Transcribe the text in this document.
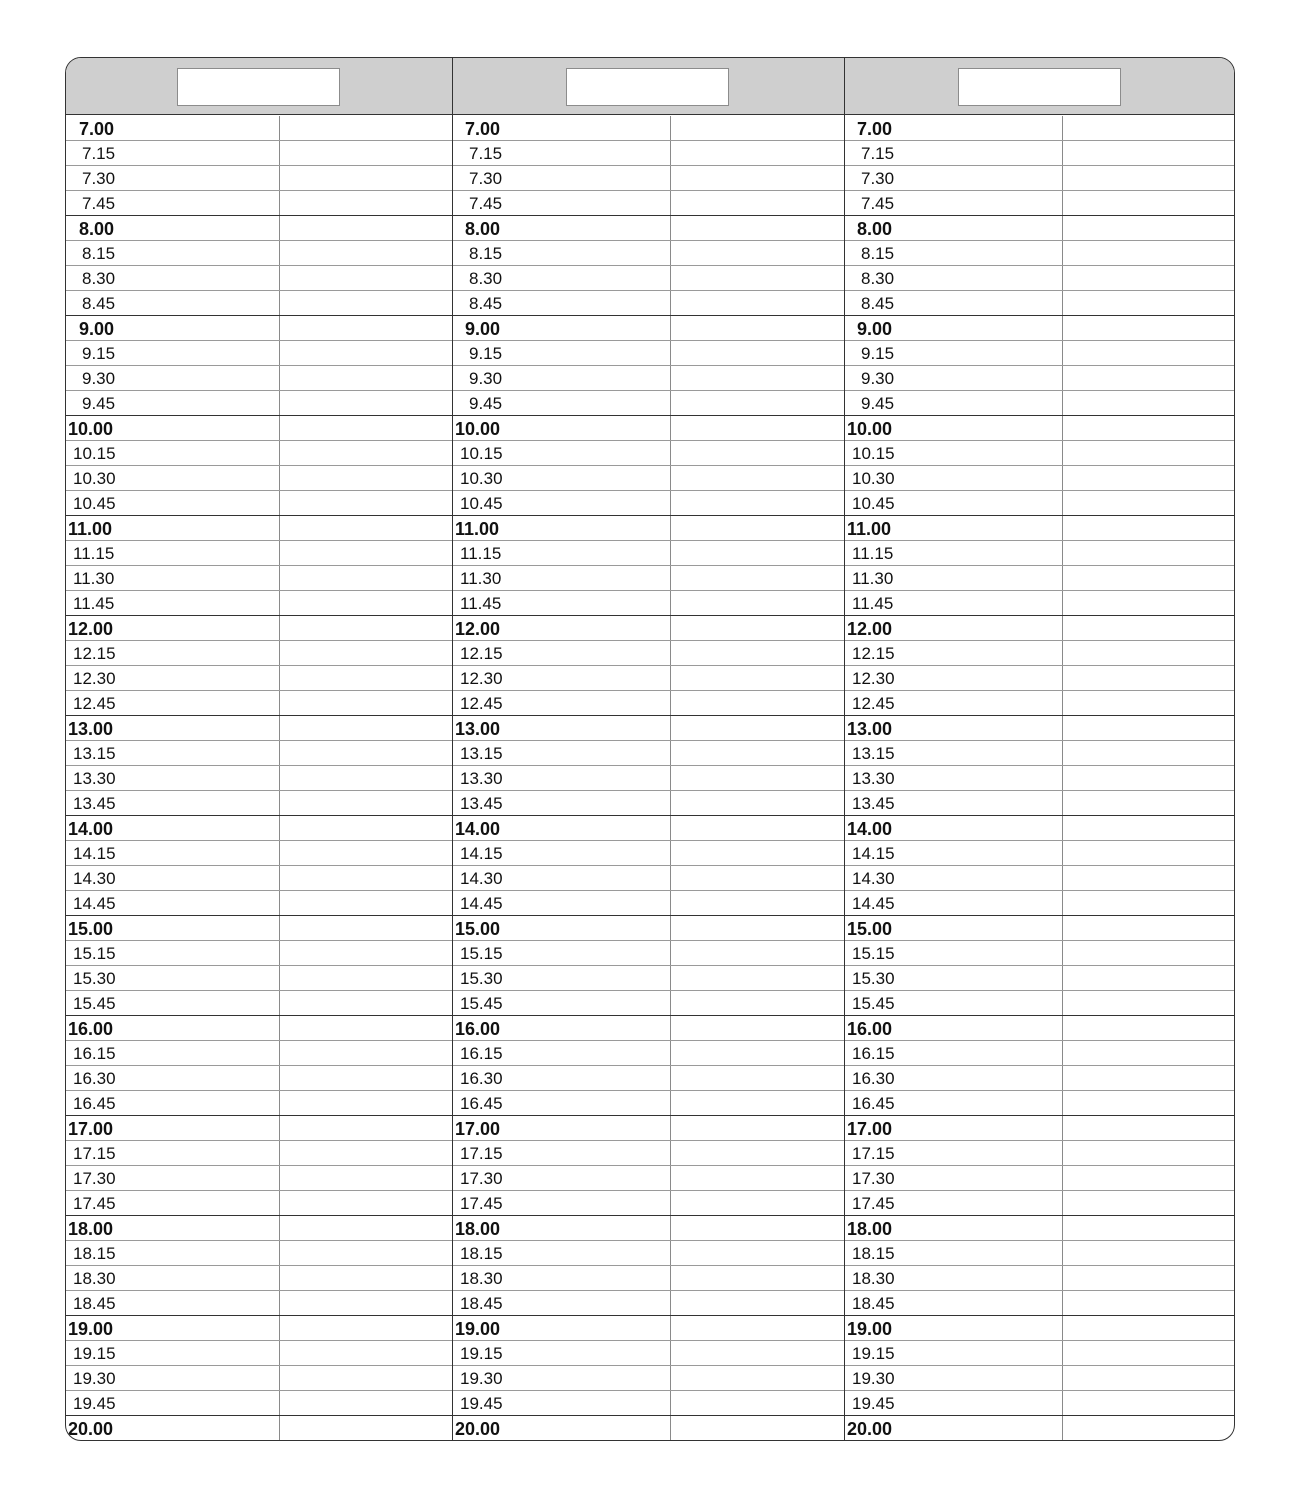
7.00
7.15
7.30
7.45
8.00
8.15
8.30
8.45
9.00
9.15
9.30
9.45
10.00
10.15
10.30
10.45
11.00
11.15
11.30
11.45
12.00
12.15
12.30
12.45
13.00
13.15
13.30
13.45
14.00
14.15
14.30
14.45
15.00
15.15
15.30
15.45
16.00
16.15
16.30
16.45
17.00
17.15
17.30
17.45
18.00
18.15
18.30
18.45
19.00
19.15
19.30
19.45
20.00
7.00
7.15
7.30
7.45
8.00
8.15
8.30
8.45
9.00
9.15
9.30
9.45
10.00
10.15
10.30
10.45
11.00
11.15
11.30
11.45
12.00
12.15
12.30
12.45
13.00
13.15
13.30
13.45
14.00
14.15
14.30
14.45
15.00
15.15
15.30
15.45
16.00
16.15
16.30
16.45
17.00
17.15
17.30
17.45
18.00
18.15
18.30
18.45
19.00
19.15
19.30
19.45
20.00
7.00
7.15
7.30
7.45
8.00
8.15
8.30
8.45
9.00
9.15
9.30
9.45
10.00
10.15
10.30
10.45
11.00
11.15
11.30
11.45
12.00
12.15
12.30
12.45
13.00
13.15
13.30
13.45
14.00
14.15
14.30
14.45
15.00
15.15
15.30
15.45
16.00
16.15
16.30
16.45
17.00
17.15
17.30
17.45
18.00
18.15
18.30
18.45
19.00
19.15
19.30
19.45
20.00
